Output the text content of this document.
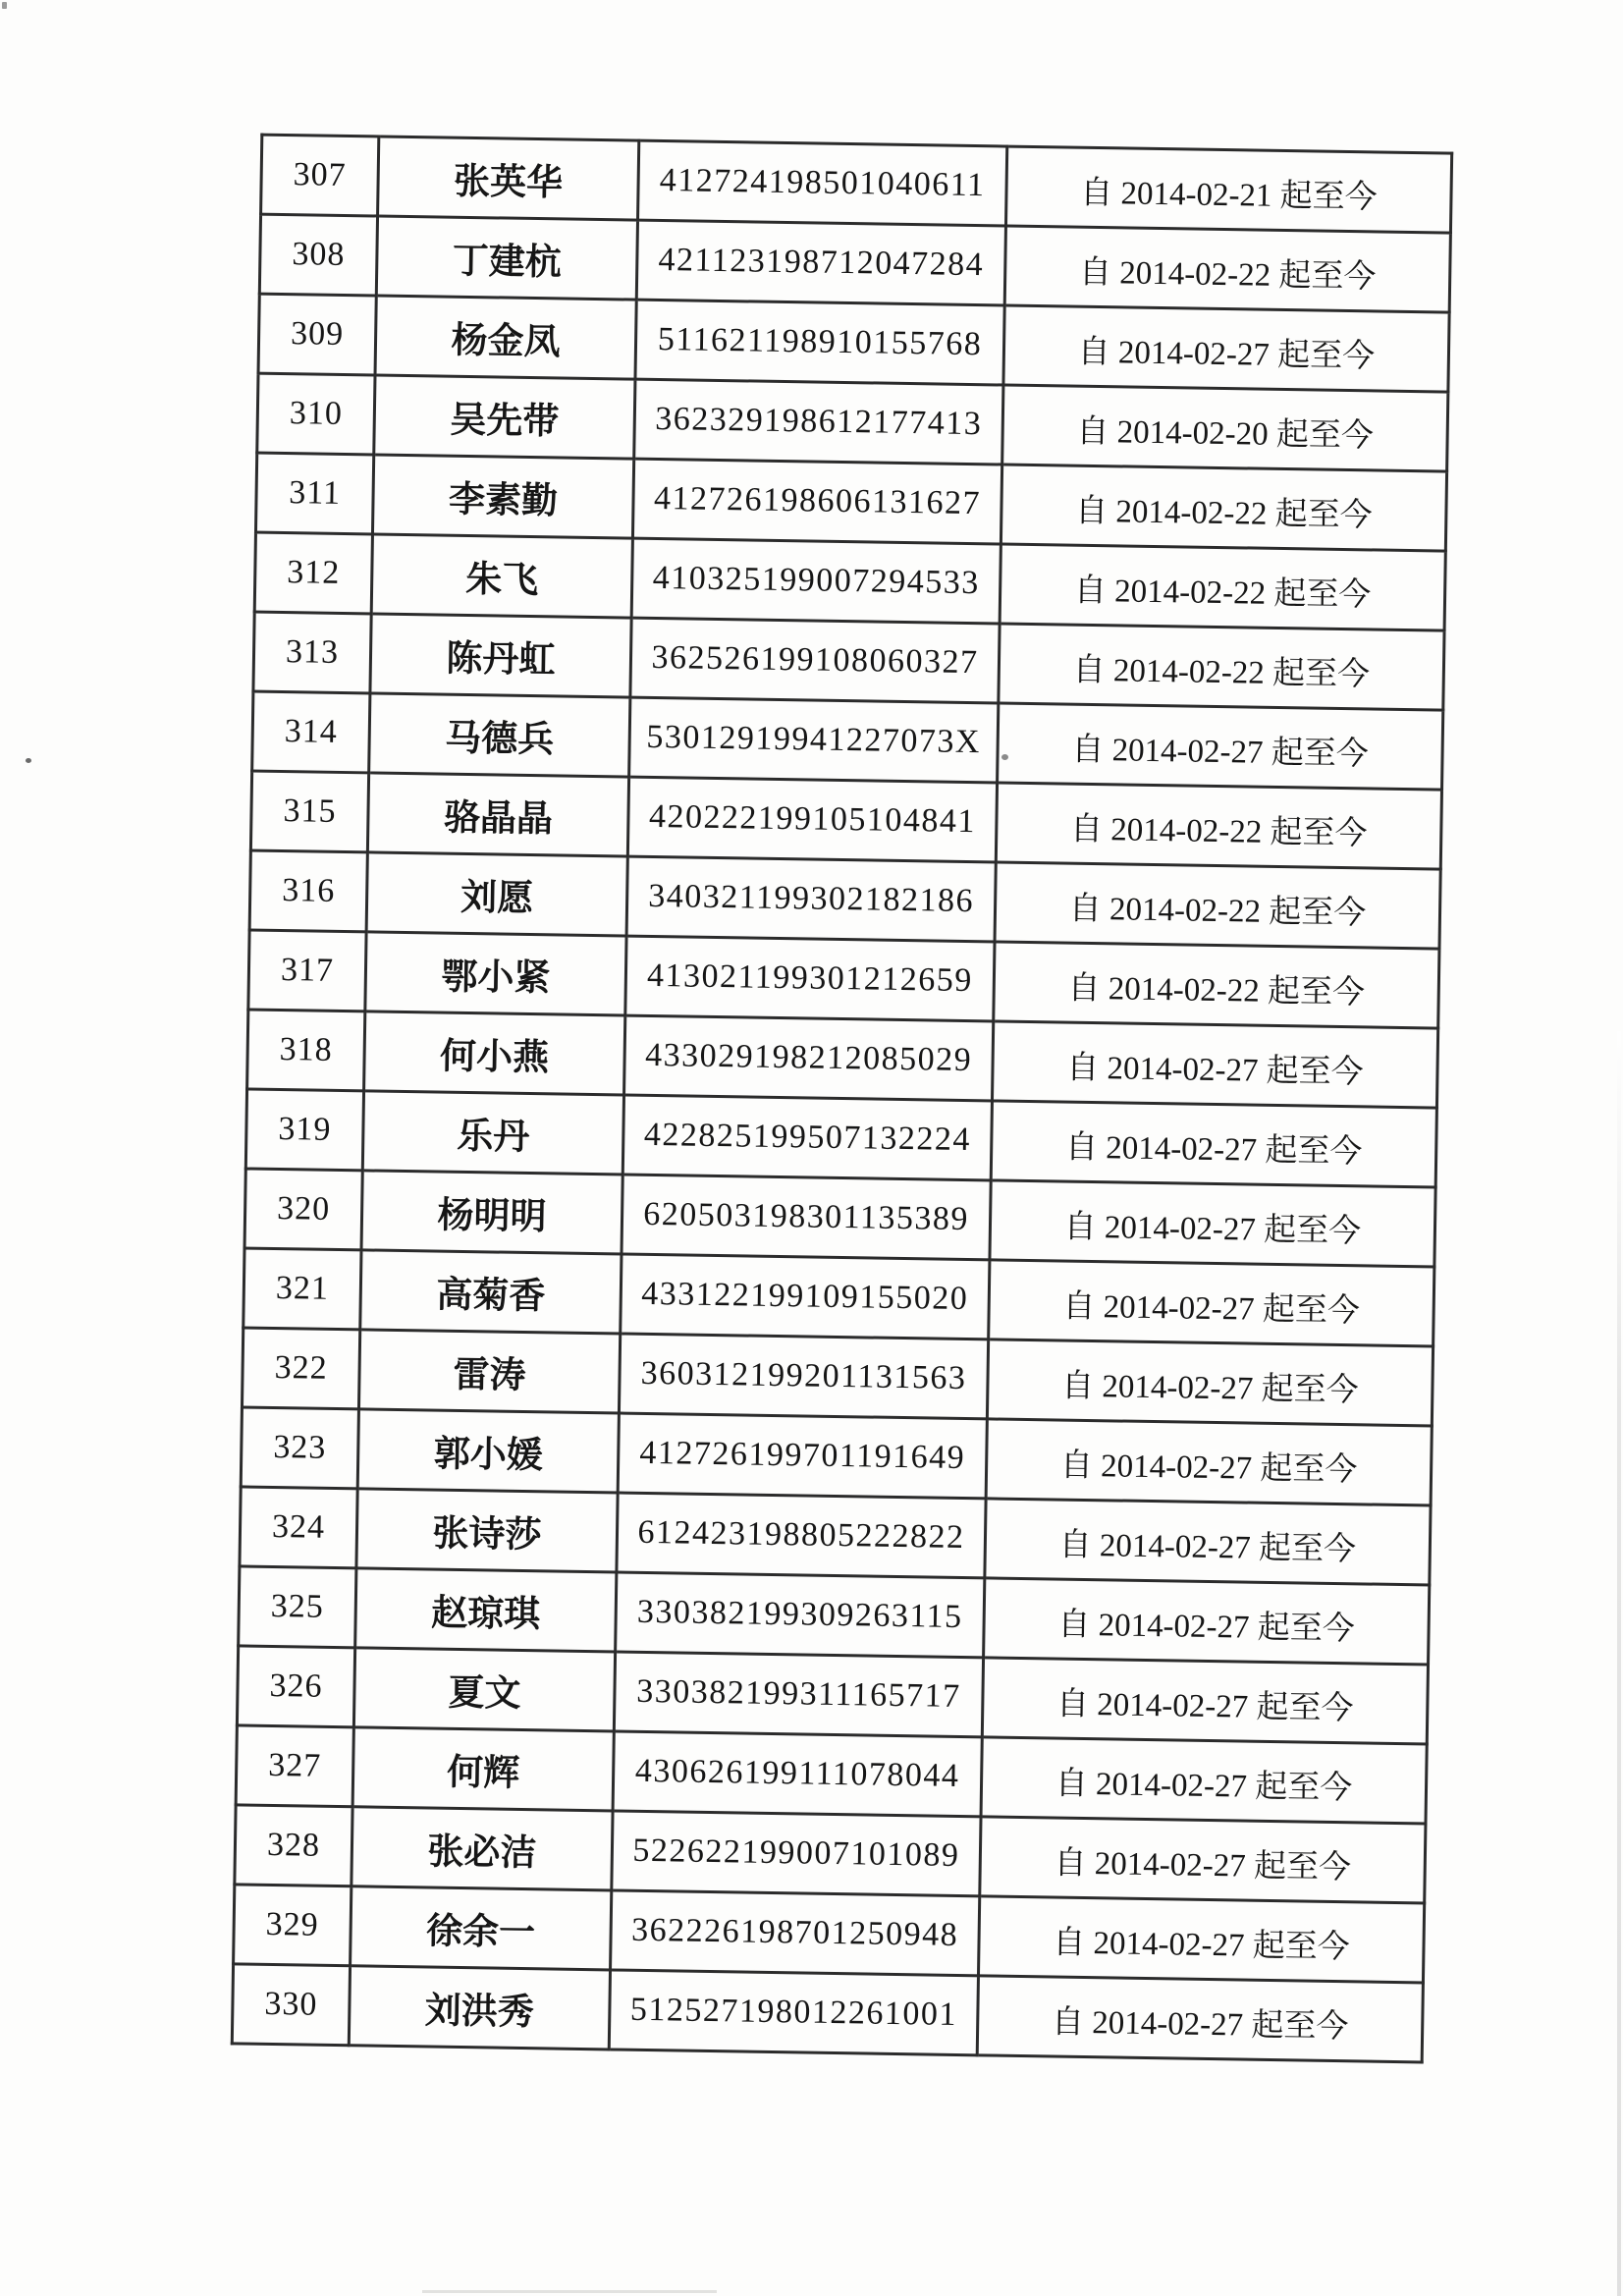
307	张英华	412724198501040611	自 2014-02-21 起至今
308	丁建杭	421123198712047284	自 2014-02-22 起至今
309	杨金凤	511621198910155768	自 2014-02-27 起至今
310	吴先带	362329198612177413	自 2014-02-20 起至今
311	李素勤	412726198606131627	自 2014-02-22 起至今
312	朱飞	410325199007294533	自 2014-02-22 起至今
313	陈丹虹	362526199108060327	自 2014-02-22 起至今
314	马德兵	53012919941227073X	自 2014-02-27 起至今
315	骆晶晶	420222199105104841	自 2014-02-22 起至今
316	刘愿	340321199302182186	自 2014-02-22 起至今
317	鄂小紧	413021199301212659	自 2014-02-22 起至今
318	何小燕	433029198212085029	自 2014-02-27 起至今
319	乐丹	422825199507132224	自 2014-02-27 起至今
320	杨明明	620503198301135389	自 2014-02-27 起至今
321	高菊香	433122199109155020	自 2014-02-27 起至今
322	雷涛	360312199201131563	自 2014-02-27 起至今
323	郭小媛	412726199701191649	自 2014-02-27 起至今
324	张诗莎	612423198805222822	自 2014-02-27 起至今
325	赵琼琪	330382199309263115	自 2014-02-27 起至今
326	夏文	330382199311165717	自 2014-02-27 起至今
327	何辉	430626199111078044	自 2014-02-27 起至今
328	张必洁	522622199007101089	自 2014-02-27 起至今
329	徐余一	362226198701250948	自 2014-02-27 起至今
330	刘洪秀	512527198012261001	自 2014-02-27 起至今
